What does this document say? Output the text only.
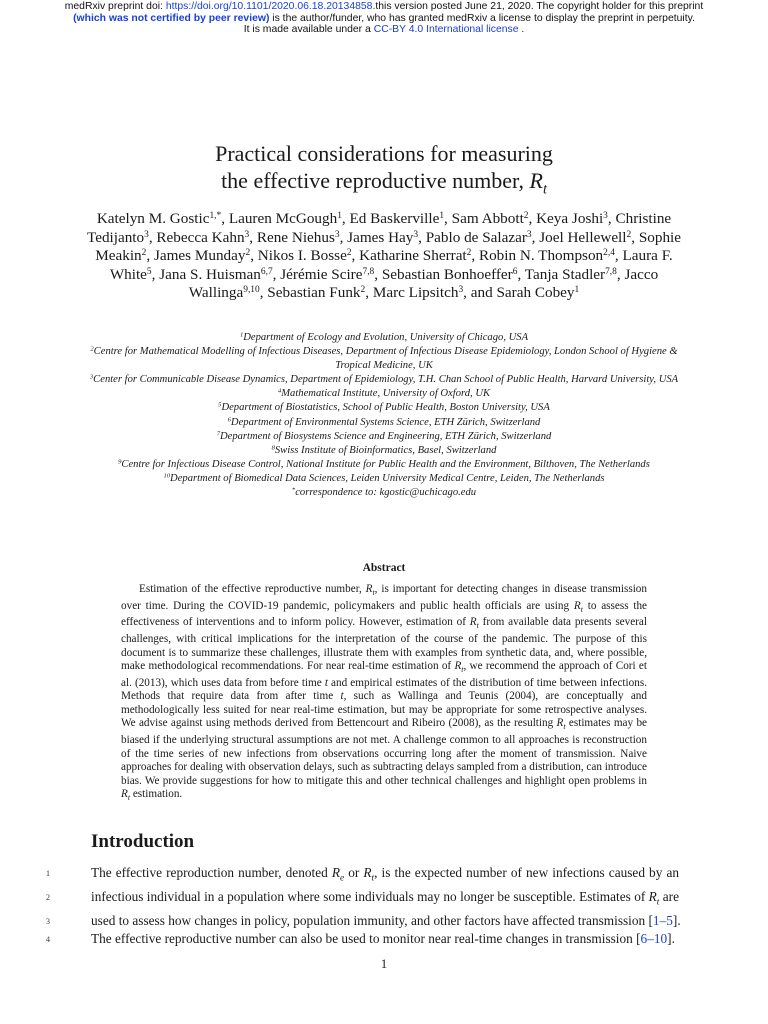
medRxiv preprint doi: https://doi.org/10.1101/2020.06.18.20134858.this version posted June 21, 2020. The copyright holder for this preprint
(which was not certified by peer review) is the author/funder, who has granted medRxiv a license to display the preprint in perpetuity.
It is made available under a CC-BY 4.0 International license .
Practical considerations for measuring
the effective reproductive number, $R_t$
Katelyn M. Gostic$^{1,*}$, Lauren McGough$^1$, Ed Baskerville$^1$, Sam Abbott$^2$, Keya Joshi$^3$, Christine Tedijanto$^3$, Rebecca Kahn$^3$, Rene Niehus$^3$, James Hay$^3$, Pablo de Salazar$^3$, Joel Hellewell$^2$, Sophie Meakin$^2$, James Munday$^2$, Nikos I. Bosse$^2$, Katharine Sherrat$^2$, Robin N. Thompson$^{2,4}$, Laura F. White$^5$, Jana S. Huisman$^{6,7}$, Jérémie Scire$^{7,8}$, Sebastian Bonhoeffer$^6$, Tanja Stadler$^{7,8}$, Jacco Wallinga$^{9,10}$, Sebastian Funk$^2$, Marc Lipsitch$^3$, and Sarah Cobey$^1$
$^1$Department of Ecology and Evolution, University of Chicago, USA
$^2$Centre for Mathematical Modelling of Infectious Diseases, Department of Infectious Disease Epidemiology, London School of Hygiene & Tropical Medicine, UK
$^3$Center for Communicable Disease Dynamics, Department of Epidemiology, T.H. Chan School of Public Health, Harvard University, USA
$^4$Mathematical Institute, University of Oxford, UK
$^5$Department of Biostatistics, School of Public Health, Boston University, USA
$^6$Department of Environmental Systems Science, ETH Zürich, Switzerland
$^7$Department of Biosystems Science and Engineering, ETH Zürich, Switzerland
$^8$Swiss Institute of Bioinformatics, Basel, Switzerland
$^9$Centre for Infectious Disease Control, National Institute for Public Health and the Environment, Bilthoven, The Netherlands
$^{10}$Department of Biomedical Data Sciences, Leiden University Medical Centre, Leiden, The Netherlands
*correspondence to: kgostic@uchicago.edu
Abstract
Estimation of the effective reproductive number, $R_t$, is important for detecting changes in disease transmission over time. During the COVID-19 pandemic, policymakers and public health officials are using $R_t$ to assess the effectiveness of interventions and to inform policy. However, estimation of $R_t$ from available data presents several challenges, with critical implications for the interpretation of the course of the pandemic. The purpose of this document is to summarize these challenges, illustrate them with examples from synthetic data, and, where possible, make methodological recommendations. For near real-time estimation of $R_t$, we recommend the approach of Cori et al. (2013), which uses data from before time t and empirical estimates of the distribution of time between infections. Methods that require data from after time t, such as Wallinga and Teunis (2004), are conceptually and methodologically less suited for near real-time estimation, but may be appropriate for some retrospective analyses. We advise against using methods derived from Bettencourt and Ribeiro (2008), as the resulting $R_t$ estimates may be biased if the underlying structural assumptions are not met. A challenge common to all approaches is reconstruction of the time series of new infections from observations occurring long after the moment of transmission. Naive approaches for dealing with observation delays, such as subtracting delays sampled from a distribution, can introduce bias. We provide suggestions for how to mitigate this and other technical challenges and highlight open problems in $R_t$ estimation.
Introduction
1	The effective reproduction number, denoted $R_e$ or $R_t$, is the expected number of new infections caused by an
2	infectious individual in a population where some individuals may no longer be susceptible. Estimates of $R_t$ are
3	used to assess how changes in policy, population immunity, and other factors have affected transmission [1–5].
4	The effective reproductive number can also be used to monitor near real-time changes in transmission [6–10].
1
